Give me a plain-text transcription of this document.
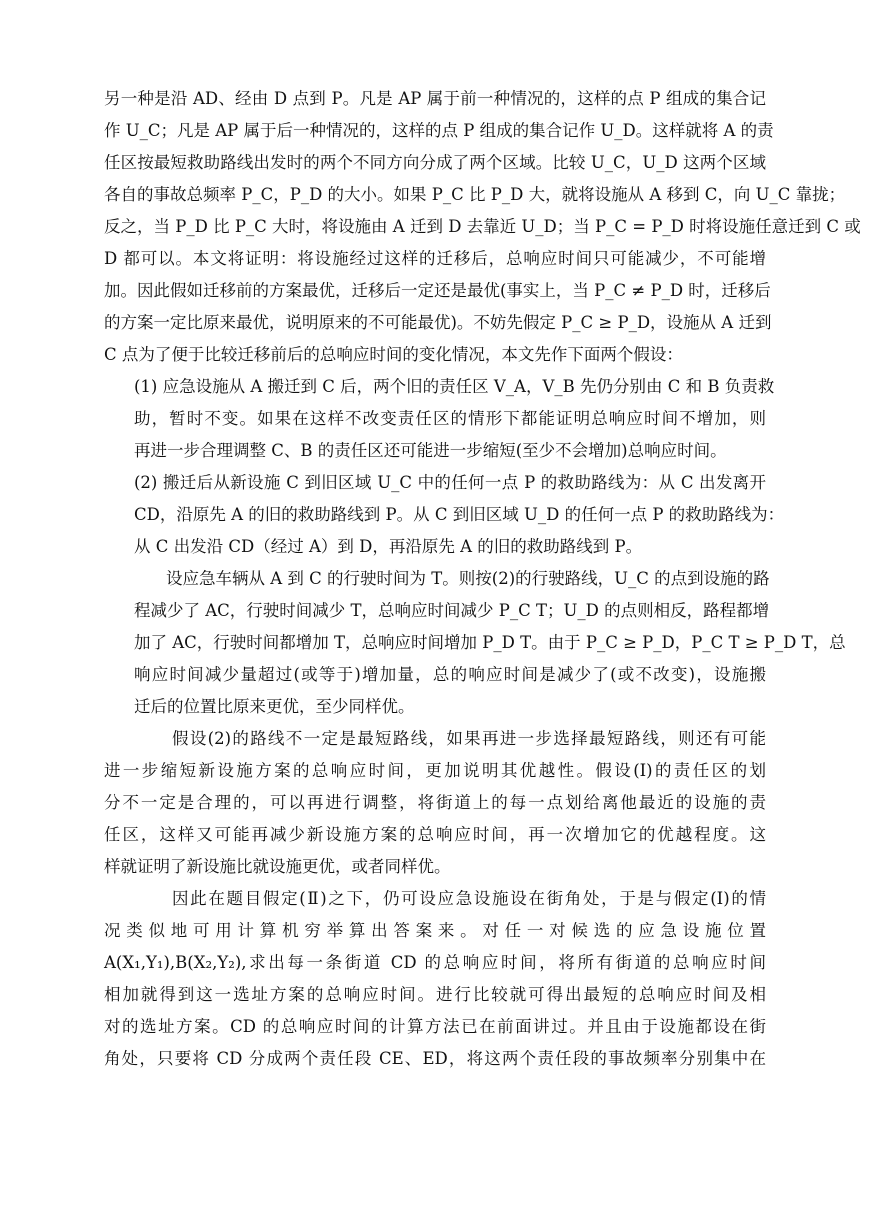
另一种是沿 AD、经由 D 点到 P。凡是 AP 属于前一种情况的，这样的点 P 组成的集合记
作 U_C；凡是 AP 属于后一种情况的，这样的点 P 组成的集合记作 U_D。这样就将 A 的责
任区按最短救助路线出发时的两个不同方向分成了两个区域。比较 U_C，U_D 这两个区域
各自的事故总频率 P_C，P_D 的大小。如果 P_C 比 P_D 大，就将设施从 A 移到 C，向 U_C 靠拢；
反之，当 P_D 比 P_C 大时，将设施由 A 迁到 D 去靠近 U_D；当 P_C = P_D 时将设施任意迁到 C 或
D 都可以。本文将证明：将设施经过这样的迁移后，总响应时间只可能减少，不可能增
加。因此假如迁移前的方案最优，迁移后一定还是最优(事实上，当 P_C ≠ P_D 时，迁移后
的方案一定比原来最优，说明原来的不可能最优)。不妨先假定 P_C ≥ P_D，设施从 A 迁到
C 点为了便于比较迁移前后的总响应时间的变化情况，本文先作下面两个假设：
(1) 应急设施从 A 搬迁到 C 后，两个旧的责任区 V_A，V_B 先仍分别由 C 和 B 负责救
助，暂时不变。如果在这样不改变责任区的情形下都能证明总响应时间不增加，则
再进一步合理调整 C、B 的责任区还可能进一步缩短(至少不会增加)总响应时间。
(2) 搬迁后从新设施 C 到旧区域 U_C 中的任何一点 P 的救助路线为：从 C 出发离开
CD，沿原先 A 的旧的救助路线到 P。从 C 到旧区域 U_D 的任何一点 P 的救助路线为：
从 C 出发沿 CD（经过 A）到 D，再沿原先 A 的旧的救助路线到 P。
设应急车辆从 A 到 C 的行驶时间为 T。则按(2)的行驶路线，U_C 的点到设施的路
程减少了 AC，行驶时间减少 T，总响应时间减少 P_C T；U_D 的点则相反，路程都增
加了 AC，行驶时间都增加 T，总响应时间增加 P_D T。由于 P_C ≥ P_D，P_C T ≥ P_D T，总
响应时间减少量超过(或等于)增加量，总的响应时间是减少了(或不改变)，设施搬
迁后的位置比原来更优，至少同样优。
假设(2)的路线不一定是最短路线，如果再进一步选择最短路线，则还有可能
进一步缩短新设施方案的总响应时间，更加说明其优越性。假设(I)的责任区的划
分不一定是合理的，可以再进行调整，将街道上的每一点划给离他最近的设施的责
任区，这样又可能再减少新设施方案的总响应时间，再一次增加它的优越程度。这
样就证明了新设施比就设施更优，或者同样优。
因此在题目假定(Ⅱ)之下，仍可设应急设施设在街角处，于是与假定(I)的情
况类似地可用计算机穷举算出答案来。对任一对候选的应急设施位置
A(X₁,Y₁),B(X₂,Y₂),求出每一条街道 CD 的总响应时间，将所有街道的总响应时间
相加就得到这一选址方案的总响应时间。进行比较就可得出最短的总响应时间及相
对的选址方案。CD 的总响应时间的计算方法已在前面讲过。并且由于设施都设在街
角处，只要将 CD 分成两个责任段 CE、ED，将这两个责任段的事故频率分别集中在
